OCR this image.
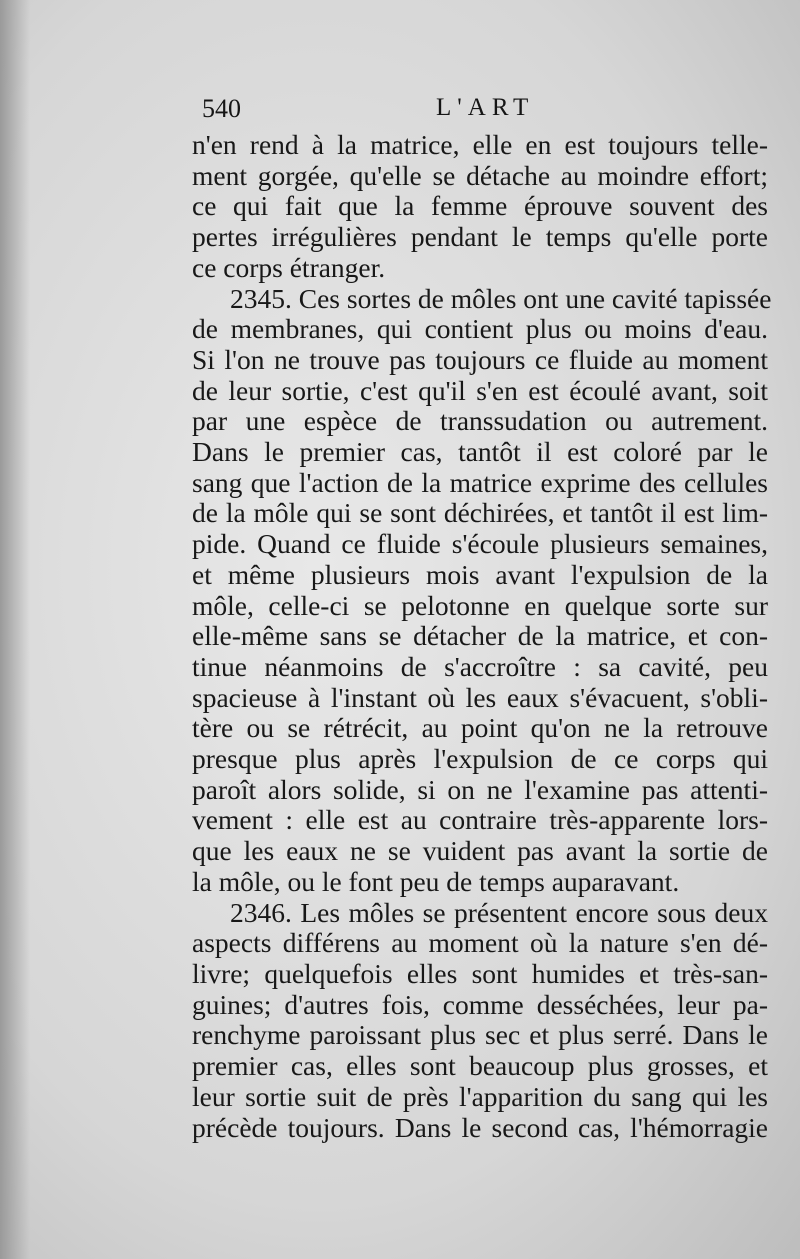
540	L'ART
n'en rend à la matrice, elle en est toujours telle-
ment gorgée, qu'elle se détache au moindre effort;
ce qui fait que la femme éprouve souvent des
pertes irrégulières pendant le temps qu'elle porte
ce corps étranger.
2345. Ces sortes de môles ont une cavité tapissée
de membranes, qui contient plus ou moins d'eau.
Si l'on ne trouve pas toujours ce fluide au moment
de leur sortie, c'est qu'il s'en est écoulé avant, soit
par une espèce de transsudation ou autrement.
Dans le premier cas, tantôt il est coloré par le
sang que l'action de la matrice exprime des cellules
de la môle qui se sont déchirées, et tantôt il est lim-
pide. Quand ce fluide s'écoule plusieurs semaines,
et même plusieurs mois avant l'expulsion de la
môle, celle-ci se pelotonne en quelque sorte sur
elle-même sans se détacher de la matrice, et con-
tinue néanmoins de s'accroître : sa cavité, peu
spacieuse à l'instant où les eaux s'évacuent, s'obli-
tère ou se rétrécit, au point qu'on ne la retrouve
presque plus après l'expulsion de ce corps qui
paroît alors solide, si on ne l'examine pas attenti-
vement : elle est au contraire très-apparente lors-
que les eaux ne se vuident pas avant la sortie de
la môle, ou le font peu de temps auparavant.
2346. Les môles se présentent encore sous deux
aspects différens au moment où la nature s'en dé-
livre; quelquefois elles sont humides et très-san-
guines; d'autres fois, comme desséchées, leur pa-
renchyme paroissant plus sec et plus serré. Dans le
premier cas, elles sont beaucoup plus grosses, et
leur sortie suit de près l'apparition du sang qui les
précède toujours. Dans le second cas, l'hémorragie
